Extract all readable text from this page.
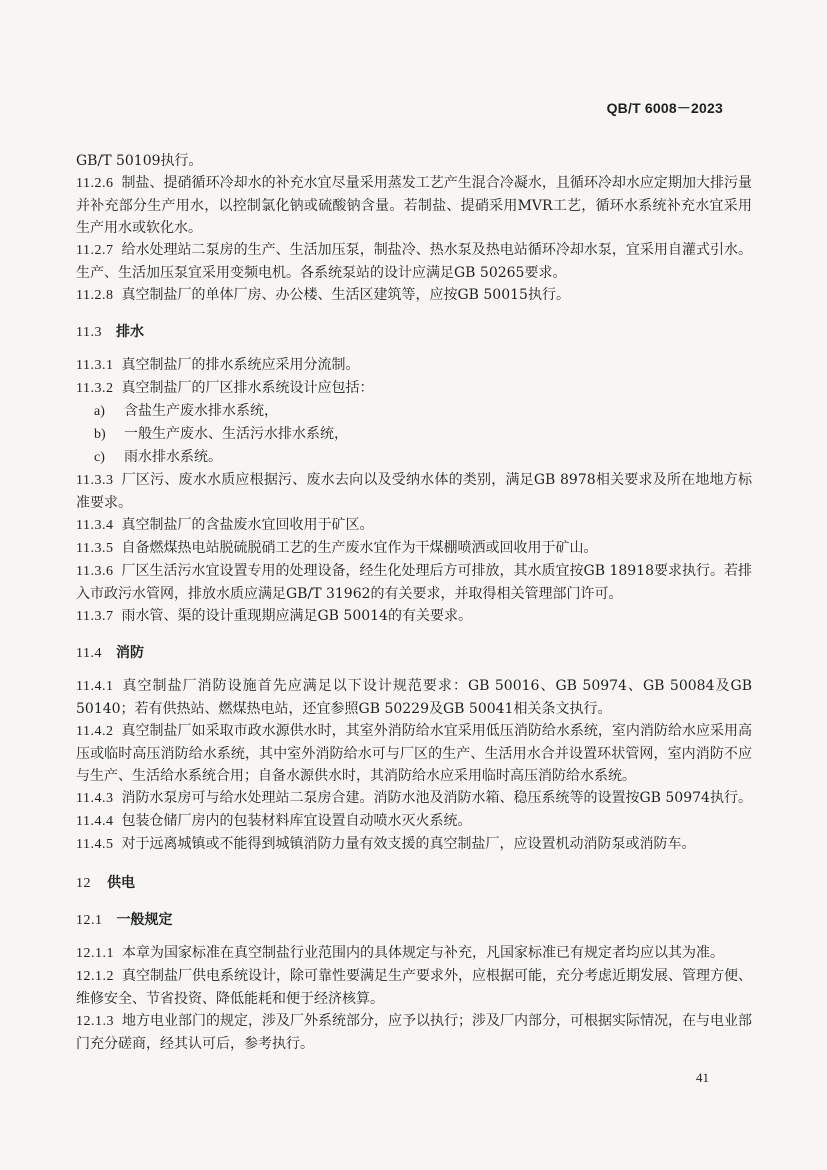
QB/T 6008－2023
GB/T 50109执行。
11.2.6 制盐、提硝循环冷却水的补充水宜尽量采用蒸发工艺产生混合冷凝水，且循环冷却水应定期加大排污量并补充部分生产用水，以控制氯化钠或硫酸钠含量。若制盐、提硝采用MVR工艺，循环水系统补充水宜采用生产用水或软化水。
11.2.7 给水处理站二泵房的生产、生活加压泵，制盐冷、热水泵及热电站循环冷却水泵，宜采用自灌式引水。生产、生活加压泵宜采用变频电机。各系统泵站的设计应满足GB 50265要求。
11.2.8 真空制盐厂的单体厂房、办公楼、生活区建筑等，应按GB 50015执行。
11.3 排水
11.3.1 真空制盐厂的排水系统应采用分流制。
11.3.2 真空制盐厂的厂区排水系统设计应包括：
a) 含盐生产废水排水系统，
b) 一般生产废水、生活污水排水系统，
c) 雨水排水系统。
11.3.3 厂区污、废水水质应根据污、废水去向以及受纳水体的类别，满足GB 8978相关要求及所在地地方标准要求。
11.3.4 真空制盐厂的含盐废水宜回收用于矿区。
11.3.5 自备燃煤热电站脱硫脱硝工艺的生产废水宜作为干煤棚喷洒或回收用于矿山。
11.3.6 厂区生活污水宜设置专用的处理设备，经生化处理后方可排放，其水质宜按GB 18918要求执行。若排入市政污水管网，排放水质应满足GB/T 31962的有关要求，并取得相关管理部门许可。
11.3.7 雨水管、渠的设计重现期应满足GB 50014的有关要求。
11.4 消防
11.4.1 真空制盐厂消防设施首先应满足以下设计规范要求：GB 50016、GB 50974、GB 50084及GB 50140；若有供热站、燃煤热电站，还宜参照GB 50229及GB 50041相关条文执行。
11.4.2 真空制盐厂如采取市政水源供水时，其室外消防给水宜采用低压消防给水系统，室内消防给水应采用高压或临时高压消防给水系统，其中室外消防给水可与厂区的生产、生活用水合并设置环状管网，室内消防不应与生产、生活给水系统合用；自备水源供水时，其消防给水应采用临时高压消防给水系统。
11.4.3 消防水泵房可与给水处理站二泵房合建。消防水池及消防水箱、稳压系统等的设置按GB 50974执行。
11.4.4 包装仓储厂房内的包装材料库宜设置自动喷水灭火系统。
11.4.5 对于远离城镇或不能得到城镇消防力量有效支援的真空制盐厂，应设置机动消防泵或消防车。
12 供电
12.1 一般规定
12.1.1 本章为国家标准在真空制盐行业范围内的具体规定与补充，凡国家标准已有规定者均应以其为准。
12.1.2 真空制盐厂供电系统设计，除可靠性要满足生产要求外，应根据可能，充分考虑近期发展、管理方便、维修安全、节省投资、降低能耗和便于经济核算。
12.1.3 地方电业部门的规定，涉及厂外系统部分，应予以执行；涉及厂内部分，可根据实际情况，在与电业部门充分磋商，经其认可后，参考执行。
41
